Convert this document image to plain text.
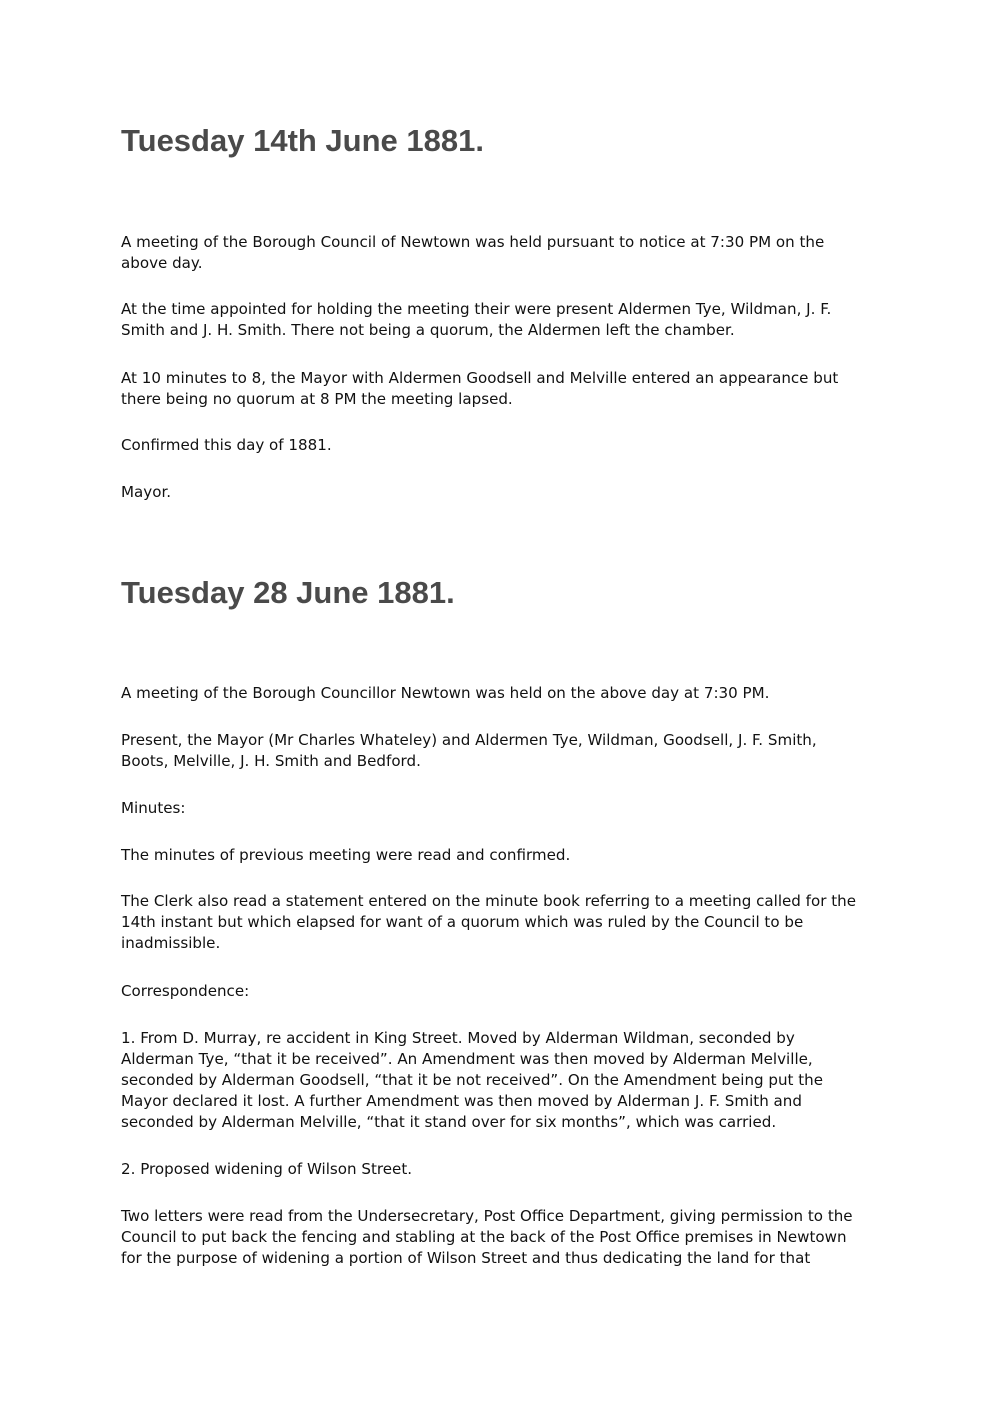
Tuesday 14th June 1881.

A meeting of the Borough Council of Newtown was held pursuant to notice at 7:30 PM on the
above day.

At the time appointed for holding the meeting their were present Aldermen Tye, Wildman, J. F.
Smith and J. H. Smith. There not being a quorum, the Aldermen left the chamber.

At 10 minutes to 8, the Mayor with Aldermen Goodsell and Melville entered an appearance but
there being no quorum at 8 PM the meeting lapsed.

Confirmed this day of 1881.

Mayor.

Tuesday 28 June 1881.

A meeting of the Borough Councillor Newtown was held on the above day at 7:30 PM.

Present, the Mayor (Mr Charles Whateley) and Aldermen Tye, Wildman, Goodsell, J. F. Smith,
Boots, Melville, J. H. Smith and Bedford.

Minutes:

The minutes of previous meeting were read and confirmed.

The Clerk also read a statement entered on the minute book referring to a meeting called for the
14th instant but which elapsed for want of a quorum which was ruled by the Council to be
inadmissible.

Correspondence:

1. From D. Murray, re accident in King Street. Moved by Alderman Wildman, seconded by
Alderman Tye, “that it be received”. An Amendment was then moved by Alderman Melville,
seconded by Alderman Goodsell, “that it be not received”. On the Amendment being put the
Mayor declared it lost. A further Amendment was then moved by Alderman J. F. Smith and
seconded by Alderman Melville, “that it stand over for six months”, which was carried.

2. Proposed widening of Wilson Street.

Two letters were read from the Undersecretary, Post Office Department, giving permission to the
Council to put back the fencing and stabling at the back of the Post Office premises in Newtown
for the purpose of widening a portion of Wilson Street and thus dedicating the land for that
